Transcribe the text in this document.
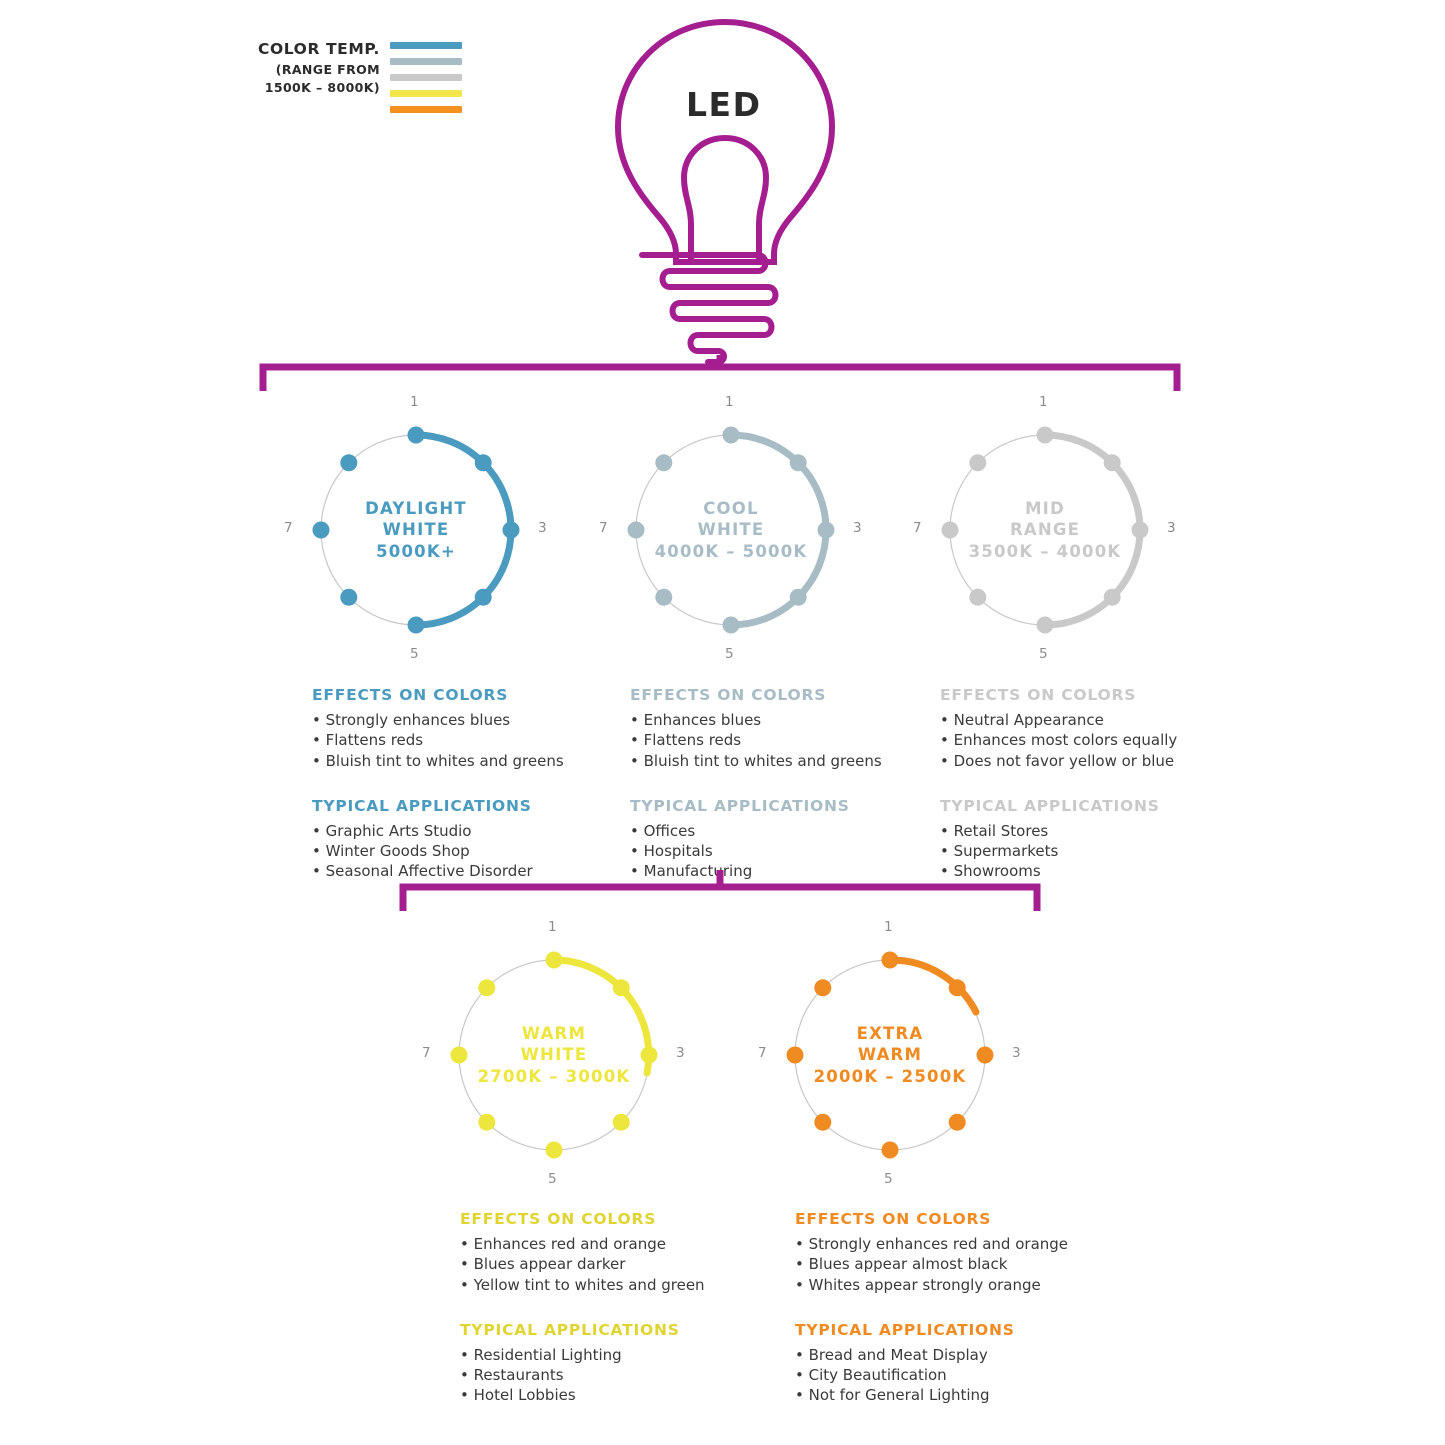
COLOR TEMP.
(RANGE FROM
1500K – 8000K)	LED
DAYLIGHT
WHITE
5000K+
1
3
5
7
COOL
WHITE
4000K – 5000K
1
3
5
7
MID
RANGE
3500K – 4000K
1
3
5
7
EFFECTS ON COLORS
• Strongly enhances blues
• Flattens reds
• Bluish tint to whites and greens
TYPICAL APPLICATIONS
• Graphic Arts Studio
• Winter Goods Shop
• Seasonal Affective Disorder
EFFECTS ON COLORS
• Enhances blues
• Flattens reds
• Bluish tint to whites and greens
TYPICAL APPLICATIONS
• Offices
• Hospitals
• Manufacturing
EFFECTS ON COLORS
• Neutral Appearance
• Enhances most colors equally
• Does not favor yellow or blue
TYPICAL APPLICATIONS
• Retail Stores
• Supermarkets
• Showrooms
WARM
WHITE
2700K – 3000K
1
3
5
7
EXTRA
WARM
2000K – 2500K
1
3
5
7
EFFECTS ON COLORS
• Enhances red and orange
• Blues appear darker
• Yellow tint to whites and green
TYPICAL APPLICATIONS
• Residential Lighting
• Restaurants
• Hotel Lobbies
EFFECTS ON COLORS
• Strongly enhances red and orange
• Blues appear almost black
• Whites appear strongly orange
TYPICAL APPLICATIONS
• Bread and Meat Display
• City Beautification
• Not for General Lighting
